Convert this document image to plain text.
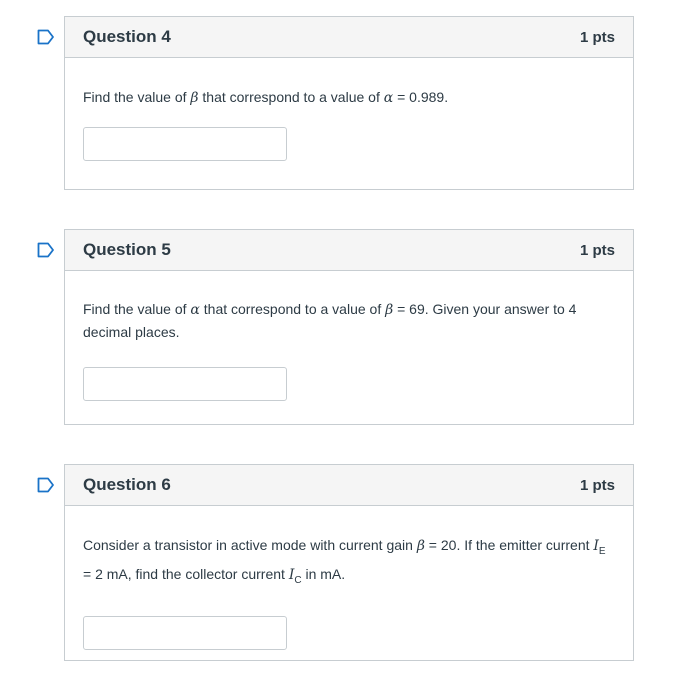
Question 4	1 pts

Find the value of β that correspond to a value of α = 0.989.

Question 5	1 pts

Find the value of α that correspond to a value of β = 69. Given your answer to 4 decimal places.

Question 6	1 pts

Consider a transistor in active mode with current gain β = 20. If the emitter current $I_E = 2$ mA, find the collector current $I_C$ in mA.
